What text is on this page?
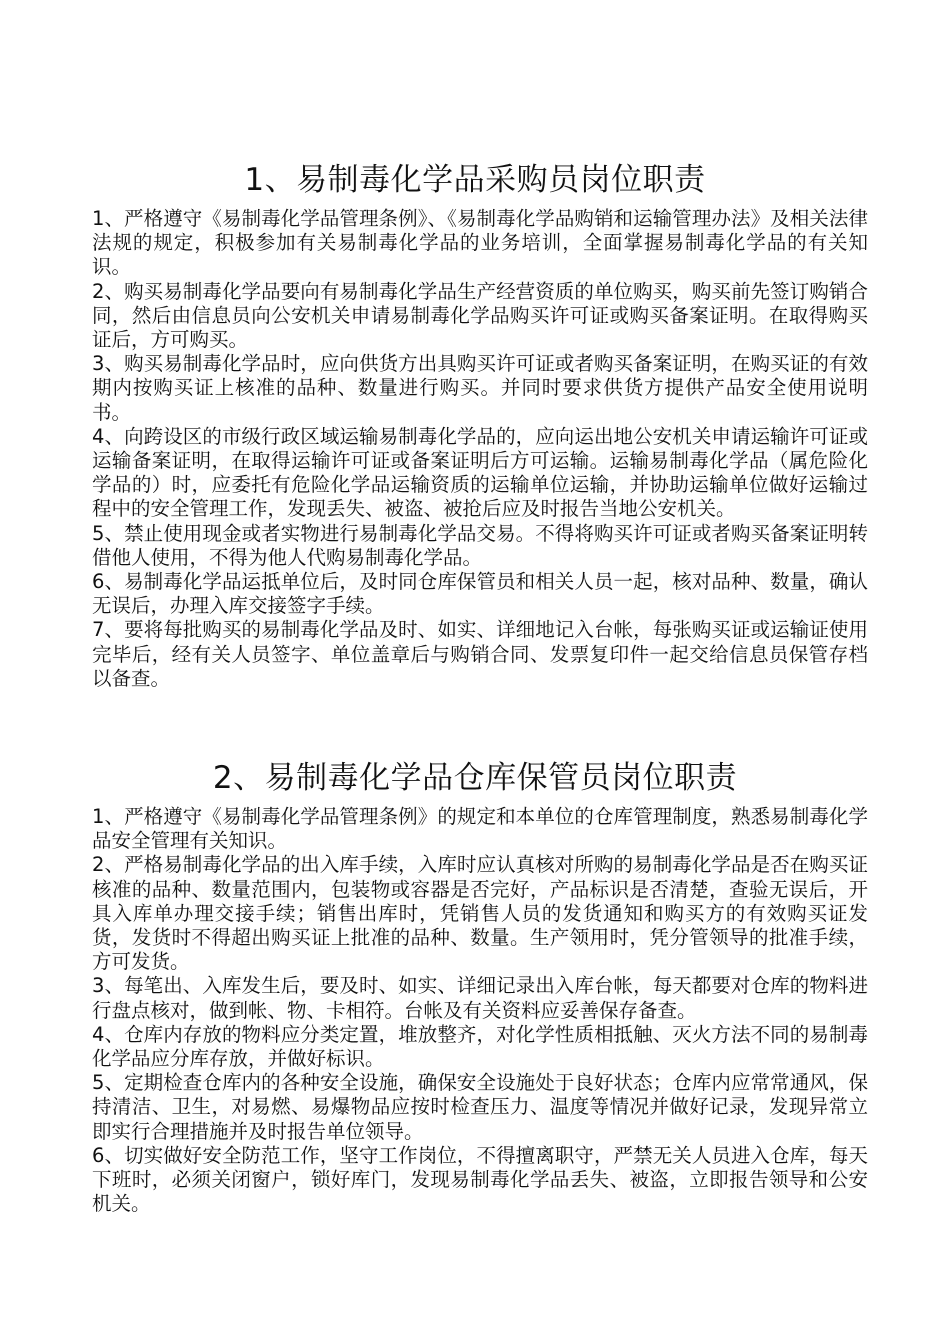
1、易制毒化学品采购员岗位职责

1、严格遵守《易制毒化学品管理条例》、《易制毒化学品购销和运输管理办法》及相关法律法规的规定，积极参加有关易制毒化学品的业务培训，全面掌握易制毒化学品的有关知识。

2、购买易制毒化学品要向有易制毒化学品生产经营资质的单位购买，购买前先签订购销合同，然后由信息员向公安机关申请易制毒化学品购买许可证或购买备案证明。在取得购买证后，方可购买。

3、购买易制毒化学品时，应向供货方出具购买许可证或者购买备案证明，在购买证的有效期内按购买证上核准的品种、数量进行购买。并同时要求供货方提供产品安全使用说明书。

4、向跨设区的市级行政区域运输易制毒化学品的，应向运出地公安机关申请运输许可证或运输备案证明，在取得运输许可证或备案证明后方可运输。运输易制毒化学品（属危险化学品的）时，应委托有危险化学品运输资质的运输单位运输，并协助运输单位做好运输过程中的安全管理工作，发现丢失、被盗、被抢后应及时报告当地公安机关。

5、禁止使用现金或者实物进行易制毒化学品交易。不得将购买许可证或者购买备案证明转借他人使用，不得为他人代购易制毒化学品。

6、易制毒化学品运抵单位后，及时同仓库保管员和相关人员一起，核对品种、数量，确认无误后，办理入库交接签字手续。

7、要将每批购买的易制毒化学品及时、如实、详细地记入台帐，每张购买证或运输证使用完毕后，经有关人员签字、单位盖章后与购销合同、发票复印件一起交给信息员保管存档以备查。

2、易制毒化学品仓库保管员岗位职责

1、严格遵守《易制毒化学品管理条例》的规定和本单位的仓库管理制度，熟悉易制毒化学品安全管理有关知识。

2、严格易制毒化学品的出入库手续，入库时应认真核对所购的易制毒化学品是否在购买证核准的品种、数量范围内，包装物或容器是否完好，产品标识是否清楚，查验无误后，开具入库单办理交接手续；销售出库时，凭销售人员的发货通知和购买方的有效购买证发货，发货时不得超出购买证上批准的品种、数量。生产领用时，凭分管领导的批准手续，方可发货。

3、每笔出、入库发生后，要及时、如实、详细记录出入库台帐，每天都要对仓库的物料进行盘点核对，做到帐、物、卡相符。台帐及有关资料应妥善保存备查。

4、仓库内存放的物料应分类定置，堆放整齐，对化学性质相抵触、灭火方法不同的易制毒化学品应分库存放，并做好标识。

5、定期检查仓库内的各种安全设施，确保安全设施处于良好状态；仓库内应常常通风，保持清洁、卫生，对易燃、易爆物品应按时检查压力、温度等情况并做好记录，发现异常立即实行合理措施并及时报告单位领导。

6、切实做好安全防范工作，坚守工作岗位，不得擅离职守，严禁无关人员进入仓库，每天下班时，必须关闭窗户，锁好库门，发现易制毒化学品丢失、被盗，立即报告领导和公安机关。
